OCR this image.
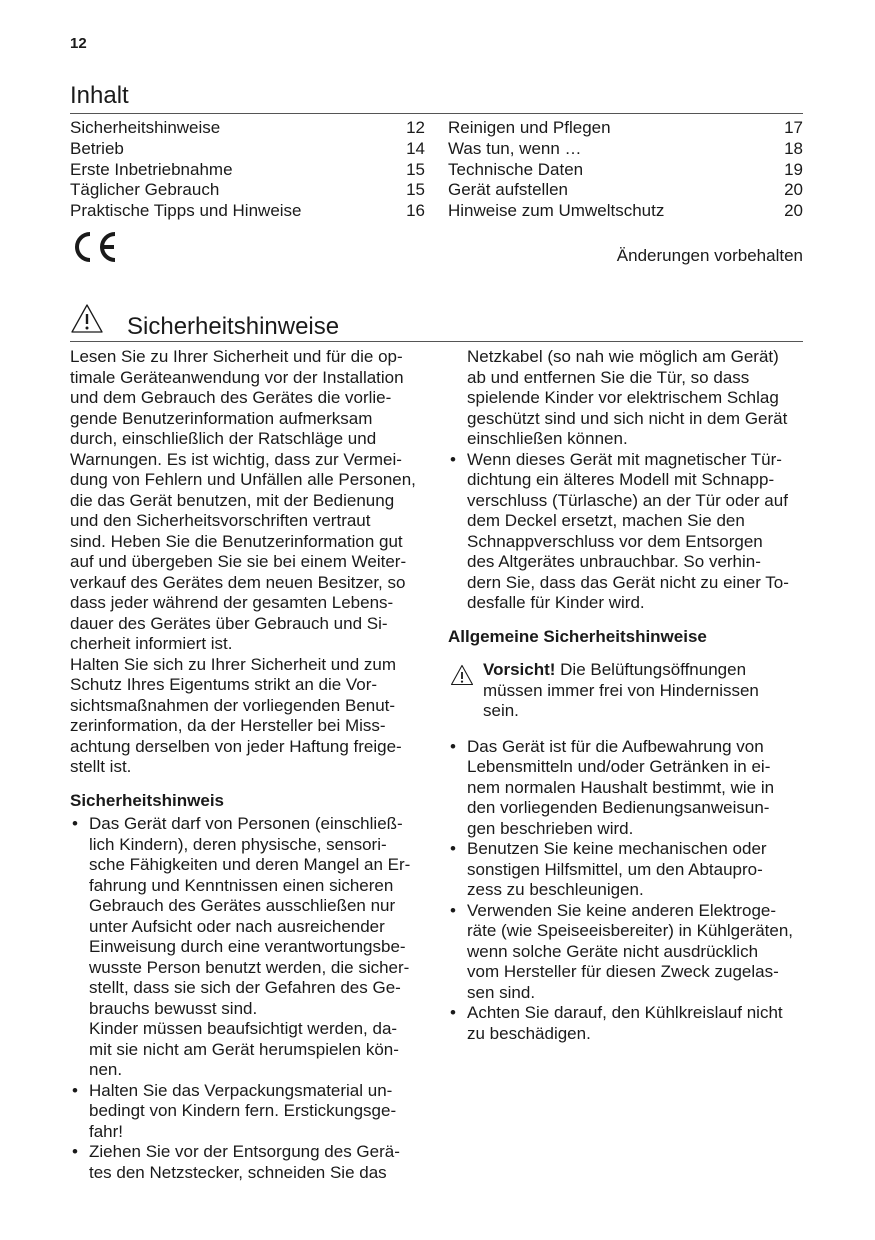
12
Inhalt
Sicherheitshinweise	12
Betrieb	14
Erste Inbetriebnahme	15
Täglicher Gebrauch	15
Praktische Tipps und Hinweise	16
Reinigen und Pflegen	17
Was tun, wenn …	18
Technische Daten	19
Gerät aufstellen	20
Hinweise zum Umweltschutz	20
Änderungen vorbehalten
Sicherheitshinweise

Lesen Sie zu Ihrer Sicherheit und für die op-
timale Geräteanwendung vor der Installation
und dem Gebrauch des Gerätes die vorlie-
gende Benutzerinformation aufmerksam
durch, einschließlich der Ratschläge und
Warnungen. Es ist wichtig, dass zur Vermei-
dung von Fehlern und Unfällen alle Personen,
die das Gerät benutzen, mit der Bedienung
und den Sicherheitsvorschriften vertraut
sind. Heben Sie die Benutzerinformation gut
auf und übergeben Sie sie bei einem Weiter-
verkauf des Gerätes dem neuen Besitzer, so
dass jeder während der gesamten Lebens-
dauer des Gerätes über Gebrauch und Si-
cherheit informiert ist.
Halten Sie sich zu Ihrer Sicherheit und zum
Schutz Ihres Eigentums strikt an die Vor-
sichtsmaßnahmen der vorliegenden Benut-
zerinformation, da der Hersteller bei Miss-
achtung derselben von jeder Haftung freige-
stellt ist.

Sicherheitshinweis

• Das Gerät darf von Personen (einschließ-
lich Kindern), deren physische, sensori-
sche Fähigkeiten und deren Mangel an Er-
fahrung und Kenntnissen einen sicheren
Gebrauch des Gerätes ausschließen nur
unter Aufsicht oder nach ausreichender
Einweisung durch eine verantwortungsbe-
wusste Person benutzt werden, die sicher-
stellt, dass sie sich der Gefahren des Ge-
brauchs bewusst sind.
Kinder müssen beaufsichtigt werden, da-
mit sie nicht am Gerät herumspielen kön-
nen.
• Halten Sie das Verpackungsmaterial un-
bedingt von Kindern fern. Erstickungsge-
fahr!
• Ziehen Sie vor der Entsorgung des Gerä-
tes den Netzstecker, schneiden Sie das

Netzkabel (so nah wie möglich am Gerät)
ab und entfernen Sie die Tür, so dass
spielende Kinder vor elektrischem Schlag
geschützt sind und sich nicht in dem Gerät
einschließen können.

• Wenn dieses Gerät mit magnetischer Tür-
dichtung ein älteres Modell mit Schnapp-
verschluss (Türlasche) an der Tür oder auf
dem Deckel ersetzt, machen Sie den
Schnappverschluss vor dem Entsorgen
des Altgerätes unbrauchbar. So verhin-
dern Sie, dass das Gerät nicht zu einer To-
desfalle für Kinder wird.

Allgemeine Sicherheitshinweise

Vorsicht! Die Belüftungsöffnungen
müssen immer frei von Hindernissen
sein.
• Das Gerät ist für die Aufbewahrung von
Lebensmitteln und/oder Getränken in ei-
nem normalen Haushalt bestimmt, wie in
den vorliegenden Bedienungsanweisun-
gen beschrieben wird.
• Benutzen Sie keine mechanischen oder
sonstigen Hilfsmittel, um den Abtaupro-
zess zu beschleunigen.
• Verwenden Sie keine anderen Elektroge-
räte (wie Speiseeisbereiter) in Kühlgeräten,
wenn solche Geräte nicht ausdrücklich
vom Hersteller für diesen Zweck zugelas-
sen sind.
• Achten Sie darauf, den Kühlkreislauf nicht
zu beschädigen.
